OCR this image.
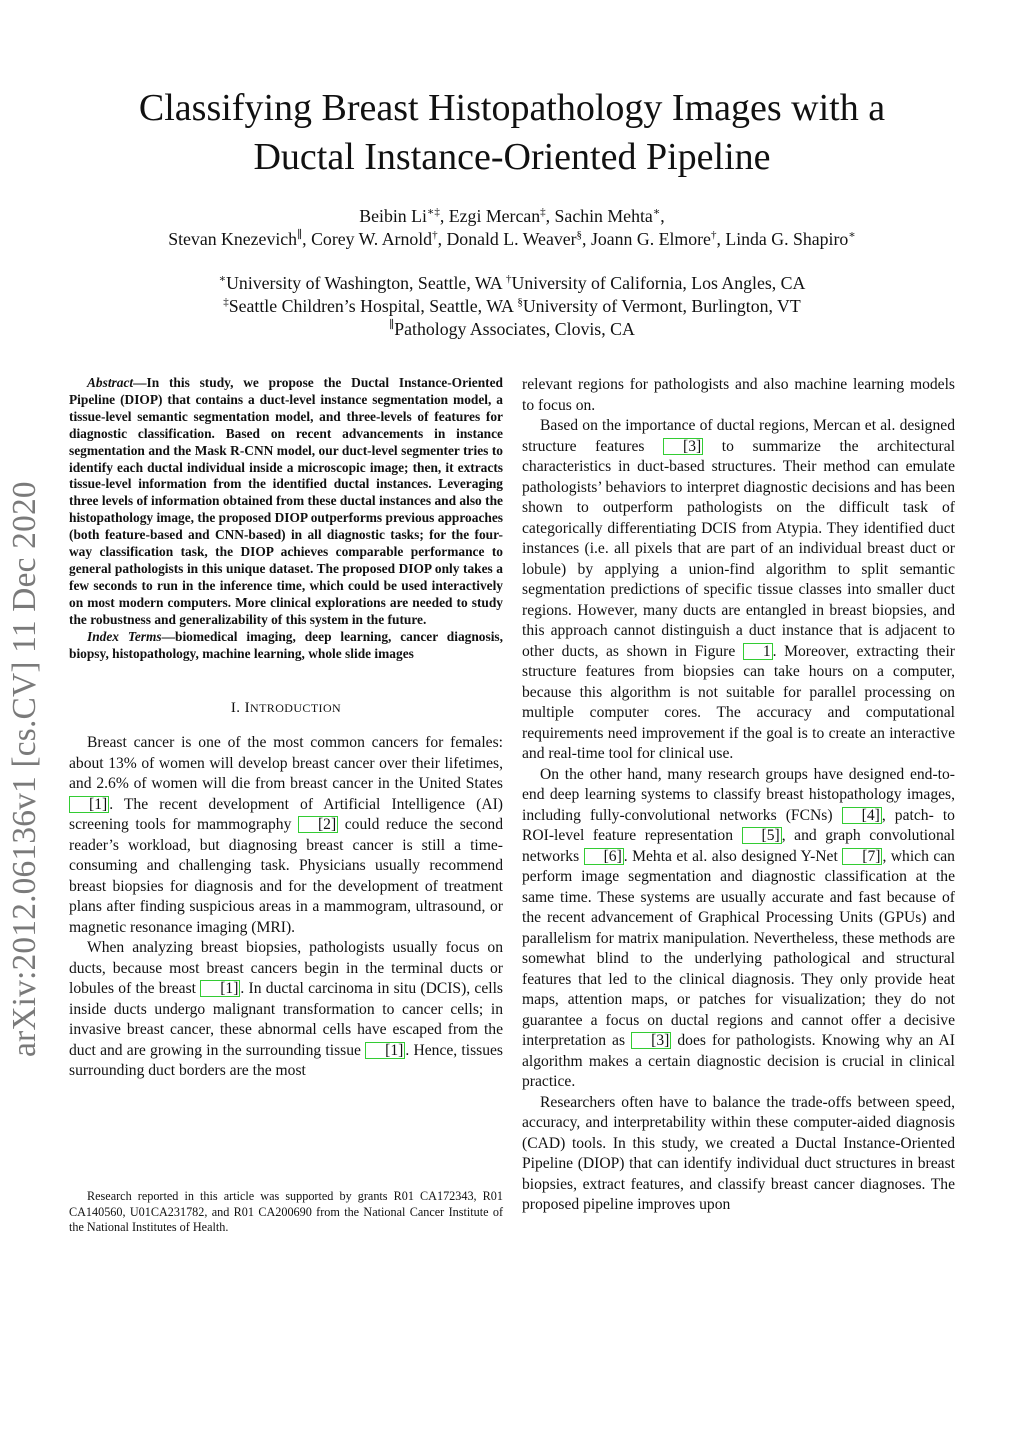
arXiv:2012.06136v1 [cs.CV] 11 Dec 2020
Classifying Breast Histopathology Images with a
Ductal Instance-Oriented Pipeline
Beibin Li∗‡, Ezgi Mercan‡, Sachin Mehta∗,
Stevan Knezevich∥, Corey W. Arnold†, Donald L. Weaver§, Joann G. Elmore†, Linda G. Shapiro∗
∗University of Washington, Seattle, WA †University of California, Los Angles, CA
‡Seattle Children’s Hospital, Seattle, WA §University of Vermont, Burlington, VT
∥Pathology Associates, Clovis, CA

Abstract—In this study, we propose the Ductal Instance-Oriented Pipeline (DIOP) that contains a duct-level instance segmentation model, a tissue-level semantic segmentation model, and three-levels of features for diagnostic classification. Based on recent advancements in instance segmentation and the Mask R-CNN model, our duct-level segmenter tries to identify each ductal individual inside a microscopic image; then, it extracts tissue-level information from the identified ductal instances. Leveraging three levels of information obtained from these ductal instances and also the histopathology image, the proposed DIOP outperforms previous approaches (both feature-based and CNN-based) in all diagnostic tasks; for the four-way classification task, the DIOP achieves comparable performance to general pathologists in this unique dataset. The proposed DIOP only takes a few seconds to run in the inference time, which could be used interactively on most modern computers. More clinical explorations are needed to study the robustness and generalizability of this system in the future.

Index Terms—biomedical imaging, deep learning, cancer diagnosis, biopsy, histopathology, machine learning, whole slide images

I. INTRODUCTION

Breast cancer is one of the most common cancers for females: about 13% of women will develop breast cancer over their lifetimes, and 2.6% of women will die from breast cancer in the United States [1] . The recent development of Artificial Intelligence (AI) screening tools for mammography [2] could reduce the second reader’s workload, but diagnosing breast cancer is still a time-consuming and challenging task. Physicians usually recommend breast biopsies for diagnosis and for the development of treatment plans after finding suspicious areas in a mammogram, ultrasound, or magnetic resonance imaging (MRI).

When analyzing breast biopsies, pathologists usually focus on ducts, because most breast cancers begin in the terminal ducts or lobules of the breast [1] . In ductal carcinoma in situ (DCIS), cells inside ducts undergo malignant transformation to cancer cells; in invasive breast cancer, these abnormal cells have escaped from the duct and are growing in the surrounding tissue [1] . Hence, tissues surrounding duct borders are the most

Research reported in this article was supported by grants R01 CA172343, R01 CA140560, U01CA231782, and R01 CA200690 from the National Cancer Institute of the National Institutes of Health.

relevant regions for pathologists and also machine learning models to focus on.

Based on the importance of ductal regions, Mercan et al. designed structure features [3] to summarize the architectural characteristics in duct-based structures. Their method can emulate pathologists’ behaviors to interpret diagnostic decisions and has been shown to outperform pathologists on the difficult task of categorically differentiating DCIS from Atypia. They identified duct instances (i.e. all pixels that are part of an individual breast duct or lobule) by applying a union-find algorithm to split semantic segmentation predictions of specific tissue classes into smaller duct regions. However, many ducts are entangled in breast biopsies, and this approach cannot distinguish a duct instance that is adjacent to other ducts, as shown in Figure 1 . Moreover, extracting their structure features from biopsies can take hours on a computer, because this algorithm is not suitable for parallel processing on multiple computer cores. The accuracy and computational requirements need improvement if the goal is to create an interactive and real-time tool for clinical use.

On the other hand, many research groups have designed end-to-end deep learning systems to classify breast histopathology images, including fully-convolutional networks (FCNs) [4] , patch- to ROI-level feature representation [5] , and graph convolutional networks [6] . Mehta et al. also designed Y-Net [7] , which can perform image segmentation and diagnostic classification at the same time. These systems are usually accurate and fast because of the recent advancement of Graphical Processing Units (GPUs) and parallelism for matrix manipulation. Nevertheless, these methods are somewhat blind to the underlying pathological and structural features that led to the clinical diagnosis. They only provide heat maps, attention maps, or patches for visualization; they do not guarantee a focus on ductal regions and cannot offer a decisive interpretation as [3] does for pathologists. Knowing why an AI algorithm makes a certain diagnostic decision is crucial in clinical practice.

Researchers often have to balance the trade-offs between speed, accuracy, and interpretability within these computer-aided diagnosis (CAD) tools. In this study, we created a Ductal Instance-Oriented Pipeline (DIOP) that can identify individual duct structures in breast biopsies, extract features, and classify breast cancer diagnoses. The proposed pipeline improves upon
